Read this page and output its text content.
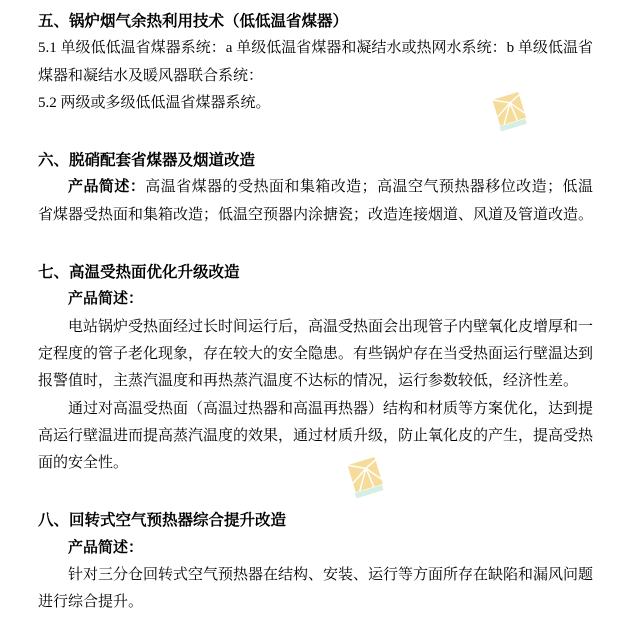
五、锅炉烟气余热利用技术（低低温省煤器）

5.1 单级低低温省煤器系统：a 单级低温省煤器和凝结水或热网水系统：b 单级低温省煤器和凝结水及暖风器联合系统：

5.2 两级或多级低低温省煤器系统。

六、脱硝配套省煤器及烟道改造

产品简述：高温省煤器的受热面和集箱改造；高温空气预热器移位改造；低温省煤器受热面和集箱改造；低温空预器内涂搪瓷；改造连接烟道、风道及管道改造。

七、高温受热面优化升级改造

产品简述：

电站锅炉受热面经过长时间运行后，高温受热面会出现管子内壁氧化皮增厚和一定程度的管子老化现象，存在较大的安全隐患。有些锅炉存在当受热面运行壁温达到报警值时，主蒸汽温度和再热蒸汽温度不达标的情况，运行参数较低，经济性差。

通过对高温受热面（高温过热器和高温再热器）结构和材质等方案优化，达到提高运行壁温进而提高蒸汽温度的效果，通过材质升级，防止氧化皮的产生，提高受热面的安全性。

八、回转式空气预热器综合提升改造

产品简述：

针对三分仓回转式空气预热器在结构、安装、运行等方面所存在缺陷和漏风问题进行综合提升。
